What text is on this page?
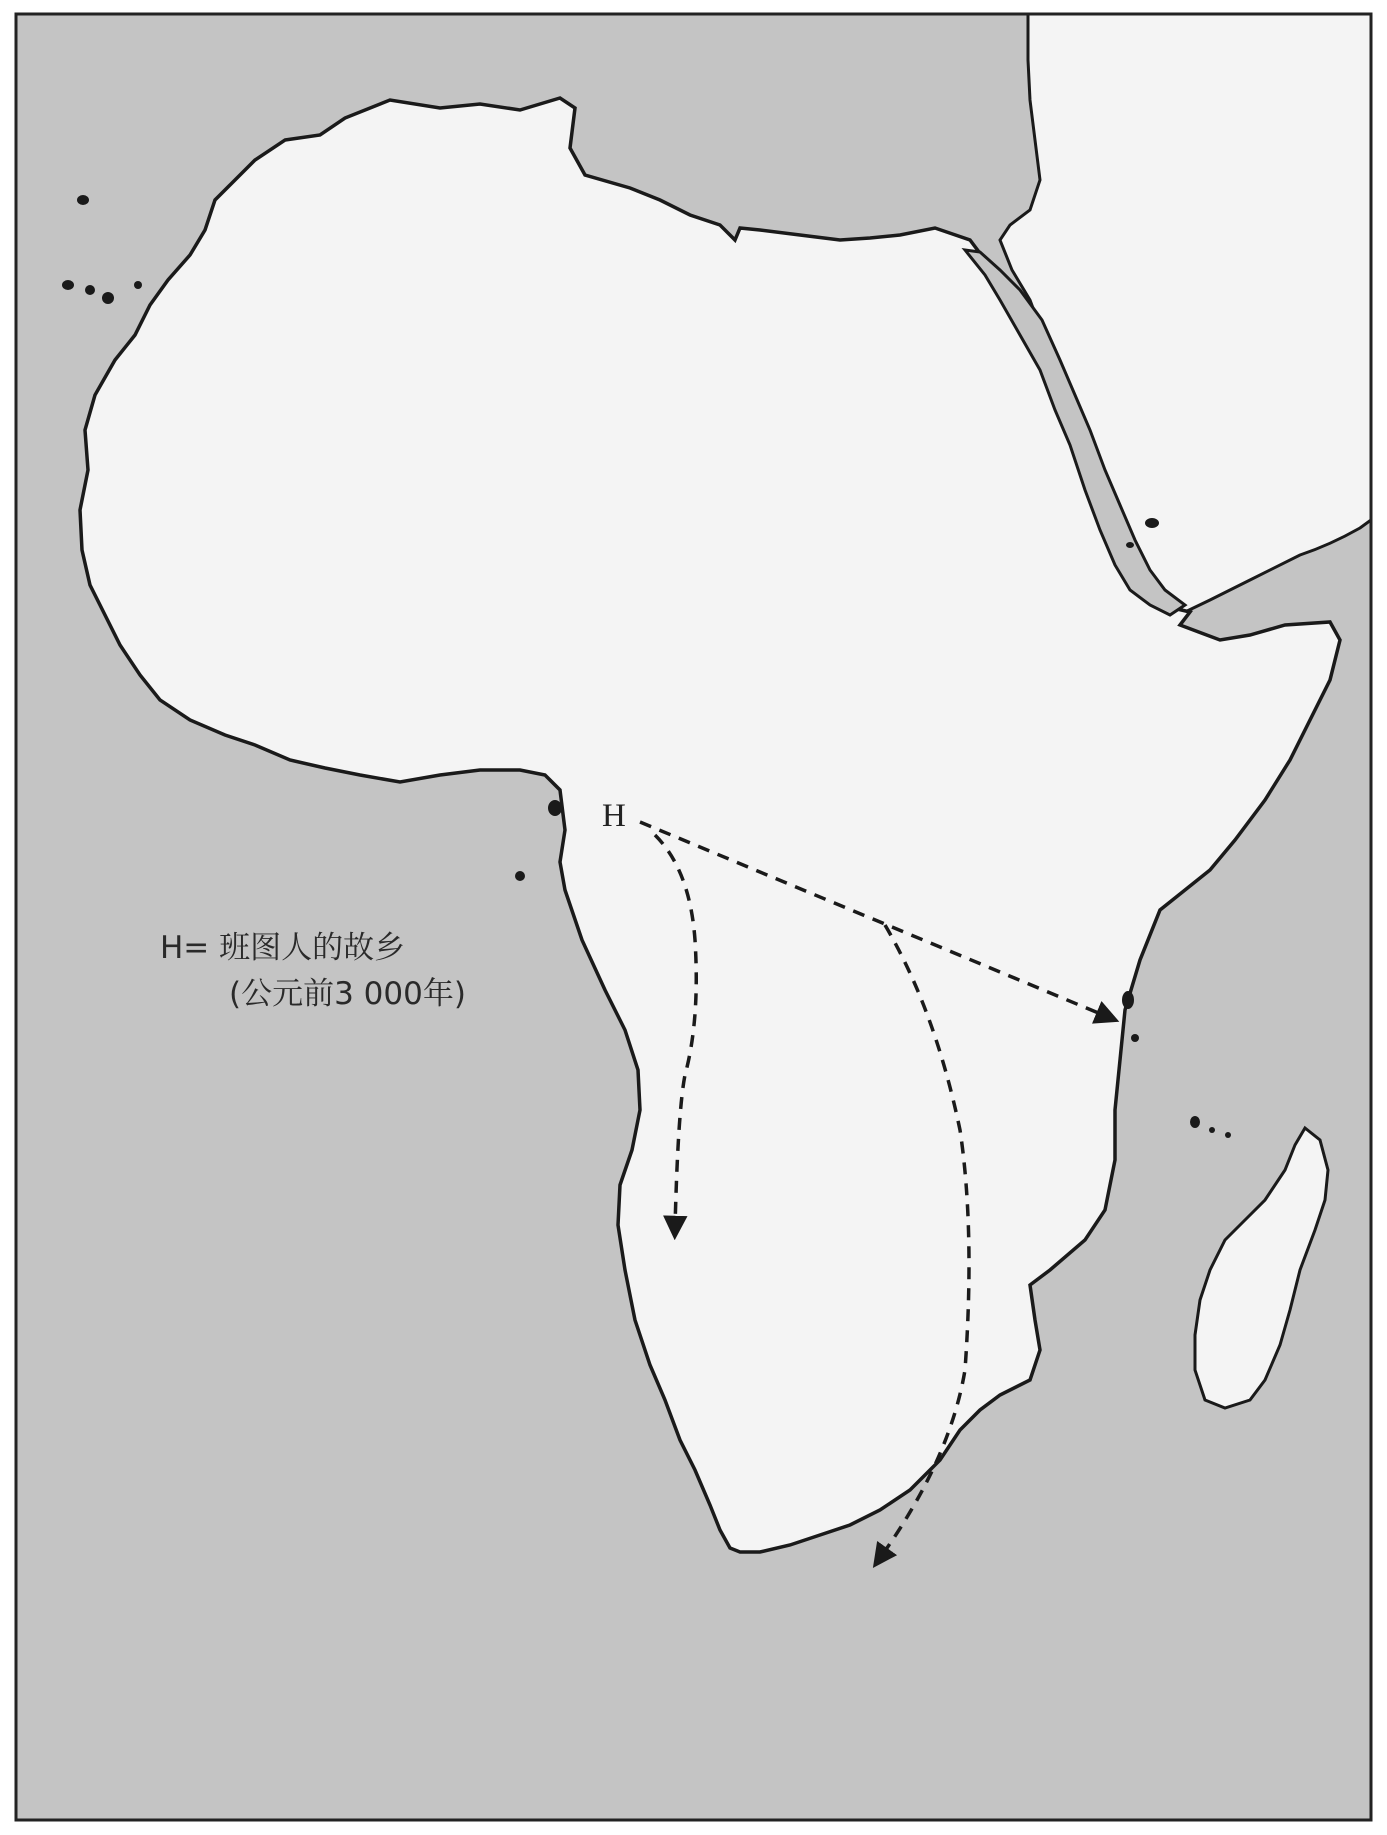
H
H= 班图人的故乡
(公元前3 000年)
